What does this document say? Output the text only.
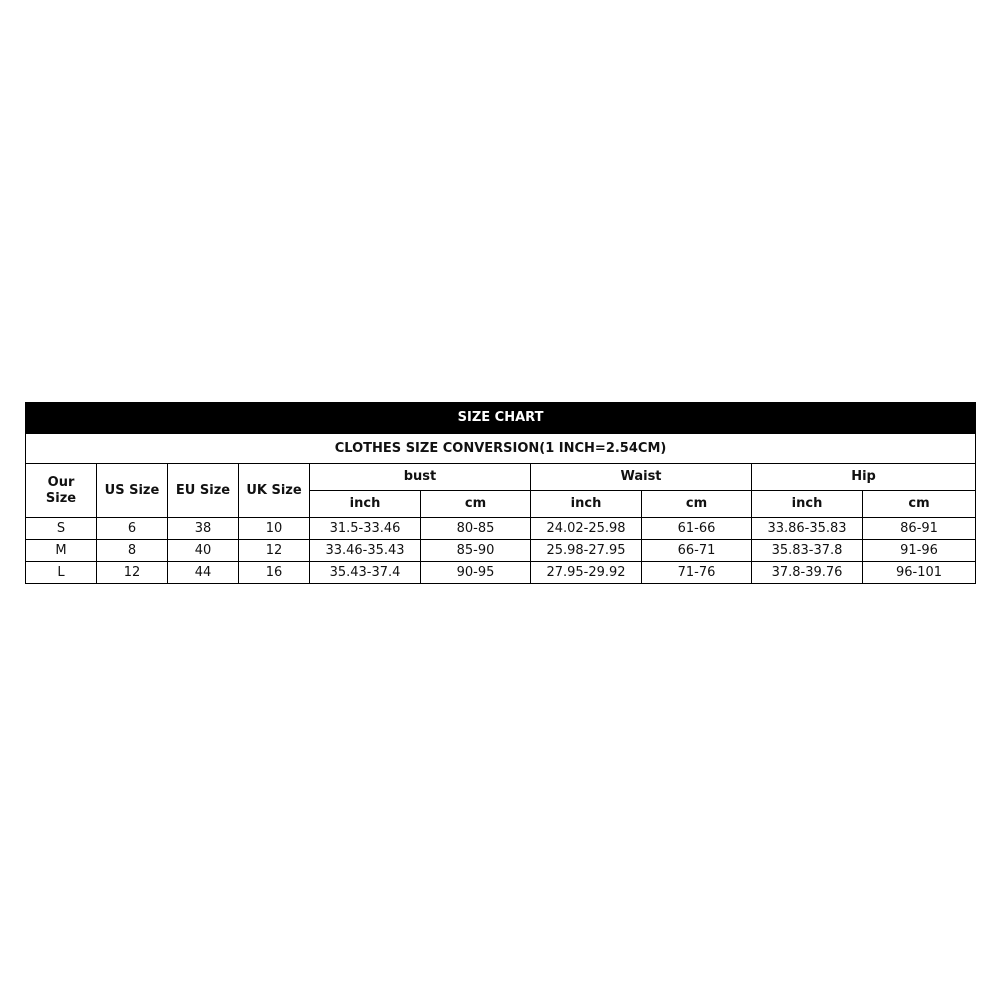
SIZE CHART									
CLOTHES SIZE CONVERSION(1 INCH=2.54CM)									
Our
Size	US Size	EU Size	UK Size	bust		Waist		Hip	
				inch	cm	inch	cm	inch	cm
S	6	38	10	31.5-33.46	80-85	24.02-25.98	61-66	33.86-35.83	86-91
M	8	40	12	33.46-35.43	85-90	25.98-27.95	66-71	35.83-37.8	91-96
L	12	44	16	35.43-37.4	90-95	27.95-29.92	71-76	37.8-39.76	96-101
